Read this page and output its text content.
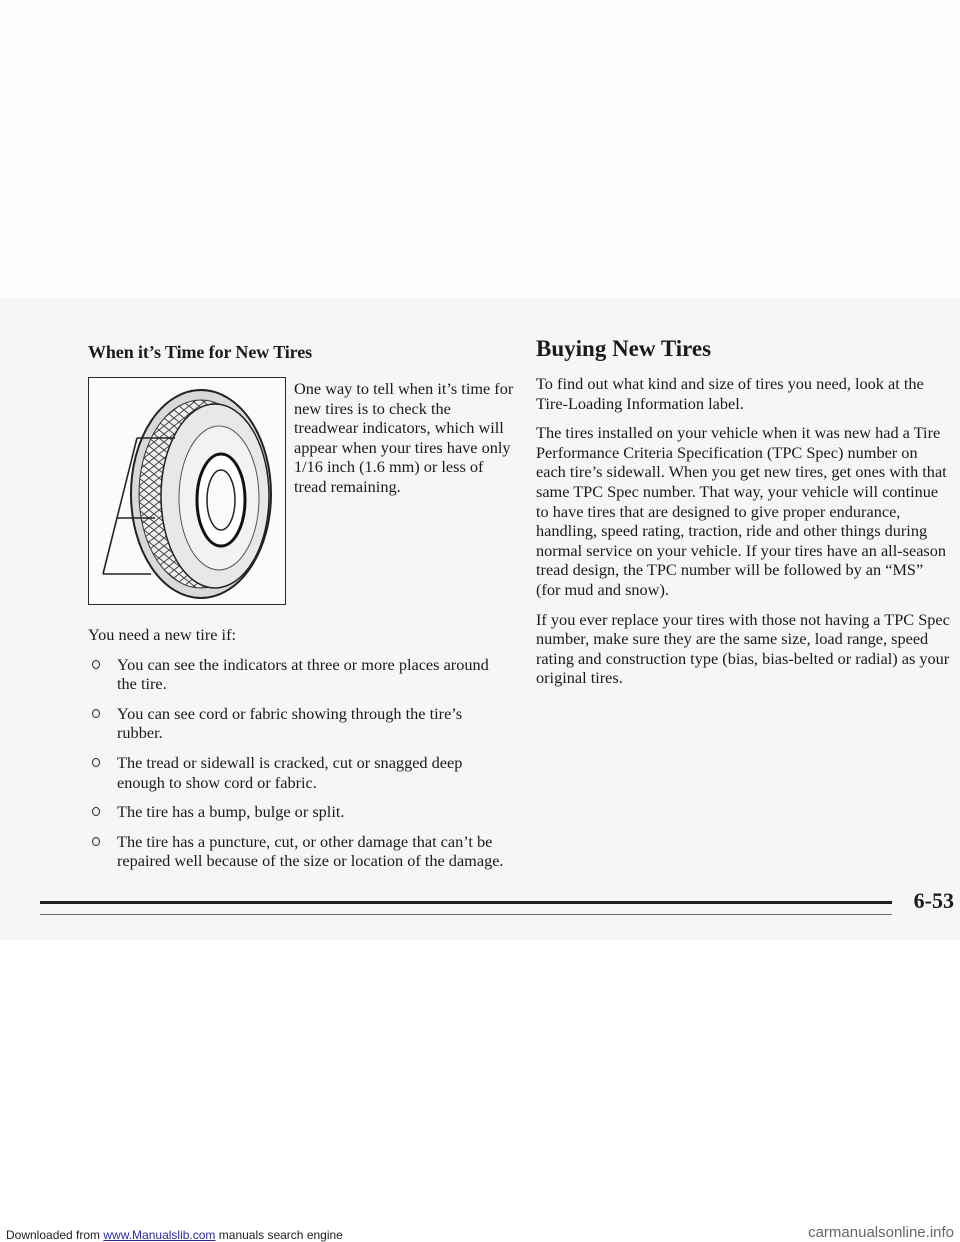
When it’s Time for New Tires

One way to tell when it’s time for new tires is to check the treadwear indicators, which will appear when your tires have only 1/16 inch (1.6 mm) or less of tread remaining.

You need a new tire if:

You can see the indicators at three or more places around the tire.
You can see cord or fabric showing through the tire’s rubber.
The tread or sidewall is cracked, cut or snagged deep enough to show cord or fabric.
The tire has a bump, bulge or split.
The tire has a puncture, cut, or other damage that can’t be repaired well because of the size or location of the damage.
Buying New Tires

To find out what kind and size of tires you need, look at the Tire-Loading Information label.

The tires installed on your vehicle when it was new had a Tire Performance Criteria Specification (TPC Spec) number on each tire’s sidewall. When you get new tires, get ones with that same TPC Spec number. That way, your vehicle will continue to have tires that are designed to give proper endurance, handling, speed rating, traction, ride and other things during normal service on your vehicle. If your tires have an all-season tread design, the TPC number will be followed by an “MS” (for mud and snow).

If you ever replace your tires with those not having a TPC Spec number, make sure they are the same size, load range, speed rating and construction type (bias, bias-belted or radial) as your original tires.

6-53
Downloaded from www.Manualslib.com manuals search engine	carmanualsonline.info
